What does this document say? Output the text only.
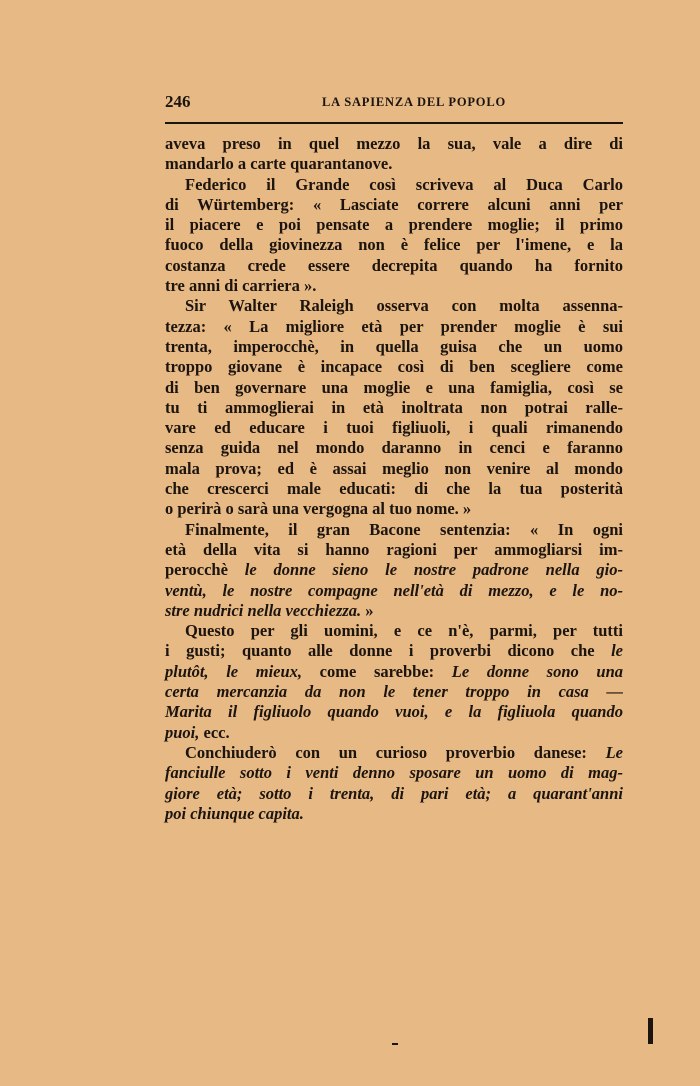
246	LA SAPIENZA DEL POPOLO
aveva preso in quel mezzo la sua, vale a dire di
mandarlo a carte quarantanove.
Federico il Grande così scriveva al Duca Carlo
di Würtemberg: « Lasciate correre alcuni anni per
il piacere e poi pensate a prendere moglie; il primo
fuoco della giovinezza non è felice per l'imene, e la
costanza crede essere decrepita quando ha fornito
tre anni di carriera ».
Sir Walter Raleigh osserva con molta assenna-
tezza: « La migliore età per prender moglie è sui
trenta, imperocchè, in quella guisa che un uomo
troppo giovane è incapace così di ben scegliere come
di ben governare una moglie e una famiglia, così se
tu ti ammoglierai in età inoltrata non potrai ralle-
vare ed educare i tuoi figliuoli, i quali rimanendo
senza guida nel mondo daranno in cenci e faranno
mala prova; ed è assai meglio non venire al mondo
che crescerci male educati: di che la tua posterità
o perirà o sarà una vergogna al tuo nome. »
Finalmente, il gran Bacone sentenzia: « In ogni
età della vita si hanno ragioni per ammogliarsi im-
perocchè le donne sieno le nostre padrone nella gio-
ventù, le nostre compagne nell'età di mezzo, e le no-
stre nudrici nella vecchiezza. »
Questo per gli uomini, e ce n'è, parmi, per tutti
i gusti; quanto alle donne i proverbi dicono che le
plutôt, le mieux, come sarebbe: Le donne sono una
certa mercanzia da non le tener troppo in casa —
Marita il figliuolo quando vuoi, e la figliuola quando
puoi, ecc.
Conchiuderò con un curioso proverbio danese: Le
fanciulle sotto i venti denno sposare un uomo di mag-
giore età; sotto i trenta, di pari età; a quarant'anni
poi chiunque capita.
